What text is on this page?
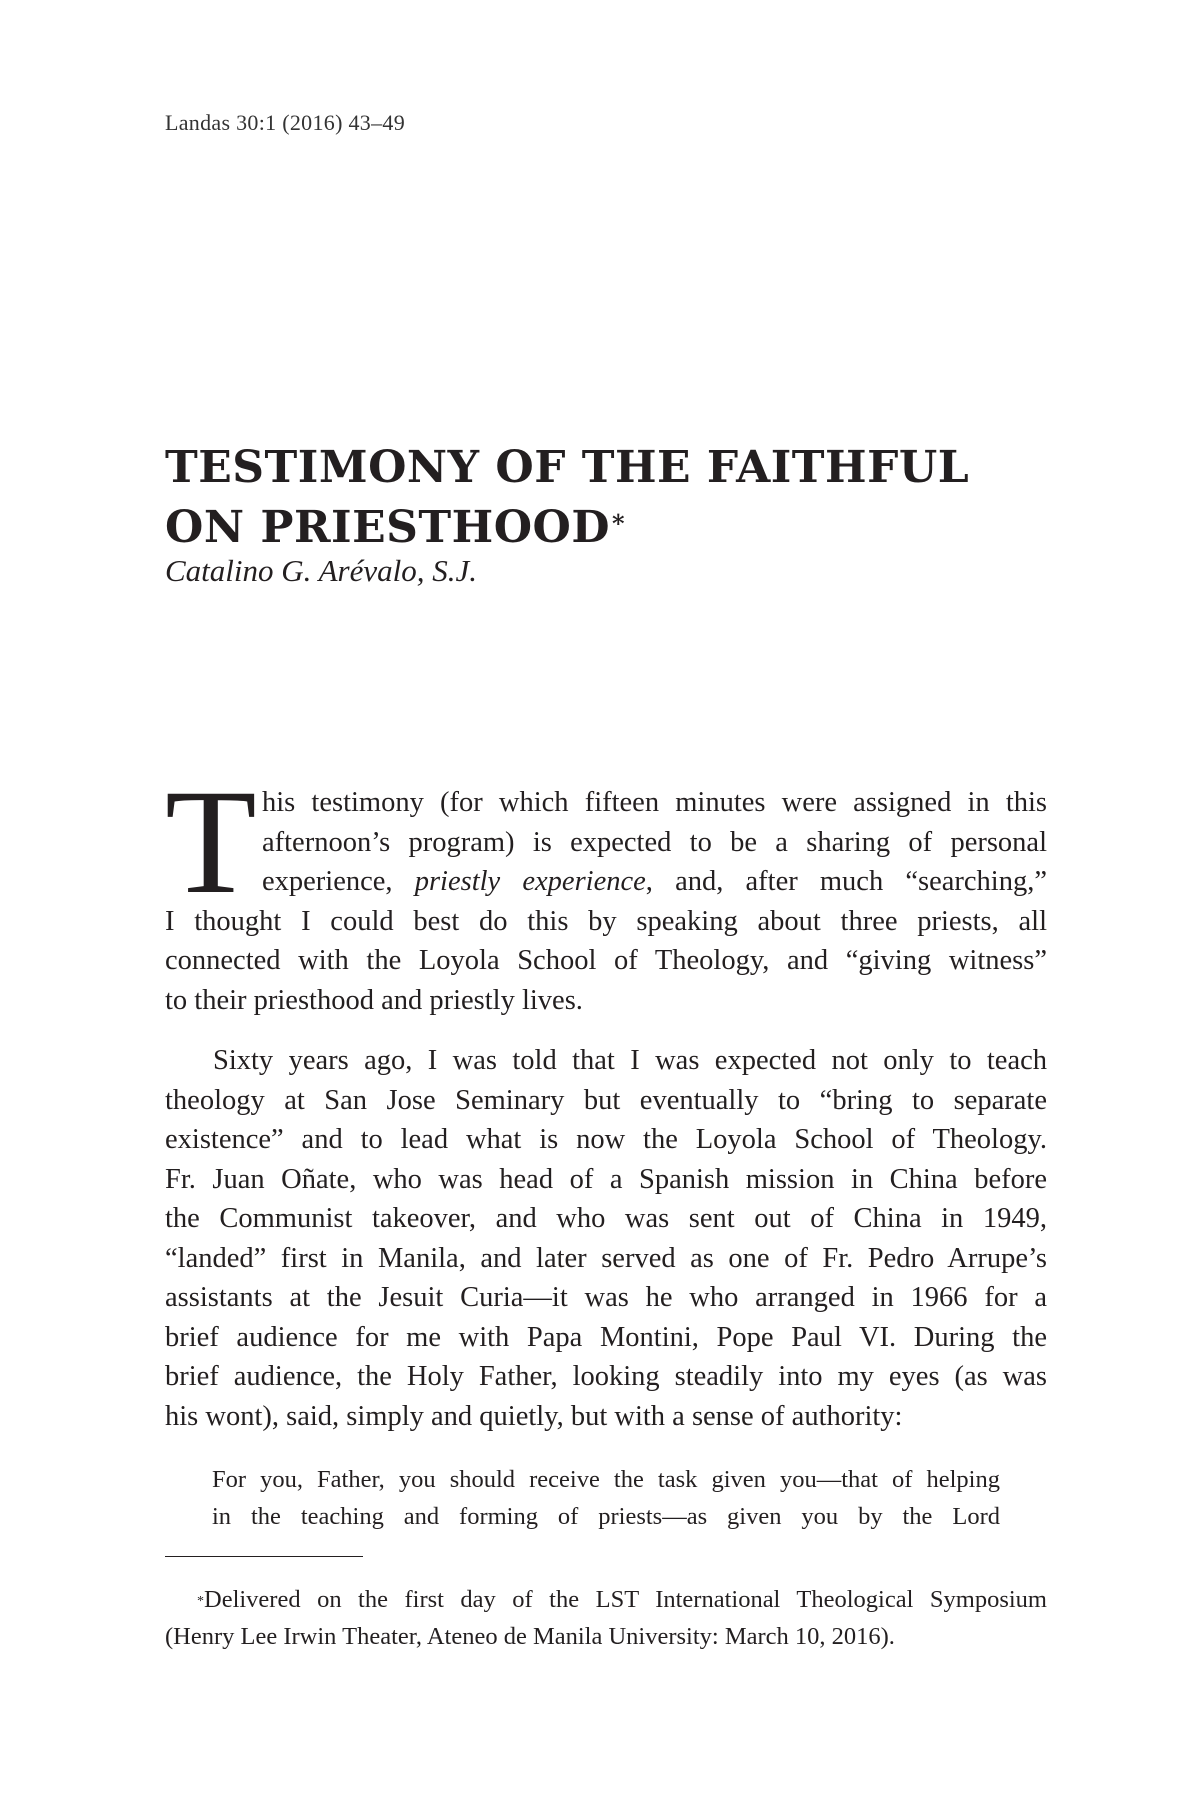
Landas 30:1 (2016) 43–49
TESTIMONY OF THE FAITHFUL
ON PRIESTHOOD*
Catalino G. Arévalo, S.J.
T his testimony (for which fifteen minutes were assigned in this
afternoon’s program) is expected to be a sharing of personal
experience, priestly experience, and, after much “searching,”
I thought I could best do this by speaking about three priests, all
connected with the Loyola School of Theology, and “giving witness”
to their priesthood and priestly lives.
Sixty years ago, I was told that I was expected not only to teach
theology at San Jose Seminary but eventually to “bring to separate
existence” and to lead what is now the Loyola School of Theology.
Fr. Juan Oñate, who was head of a Spanish mission in China before
the Communist takeover, and who was sent out of China in 1949,
“landed” first in Manila, and later served as one of Fr. Pedro Arrupe’s
assistants at the Jesuit Curia—it was he who arranged in 1966 for a
brief audience for me with Papa Montini, Pope Paul VI. During the
brief audience, the Holy Father, looking steadily into my eyes (as was
his wont), said, simply and quietly, but with a sense of authority:
For you, Father, you should receive the task given you—that of helping
in the teaching and forming of priests—as given you by the Lord
*Delivered on the first day of the LST International Theological Symposium
(Henry Lee Irwin Theater, Ateneo de Manila University: March 10, 2016).
